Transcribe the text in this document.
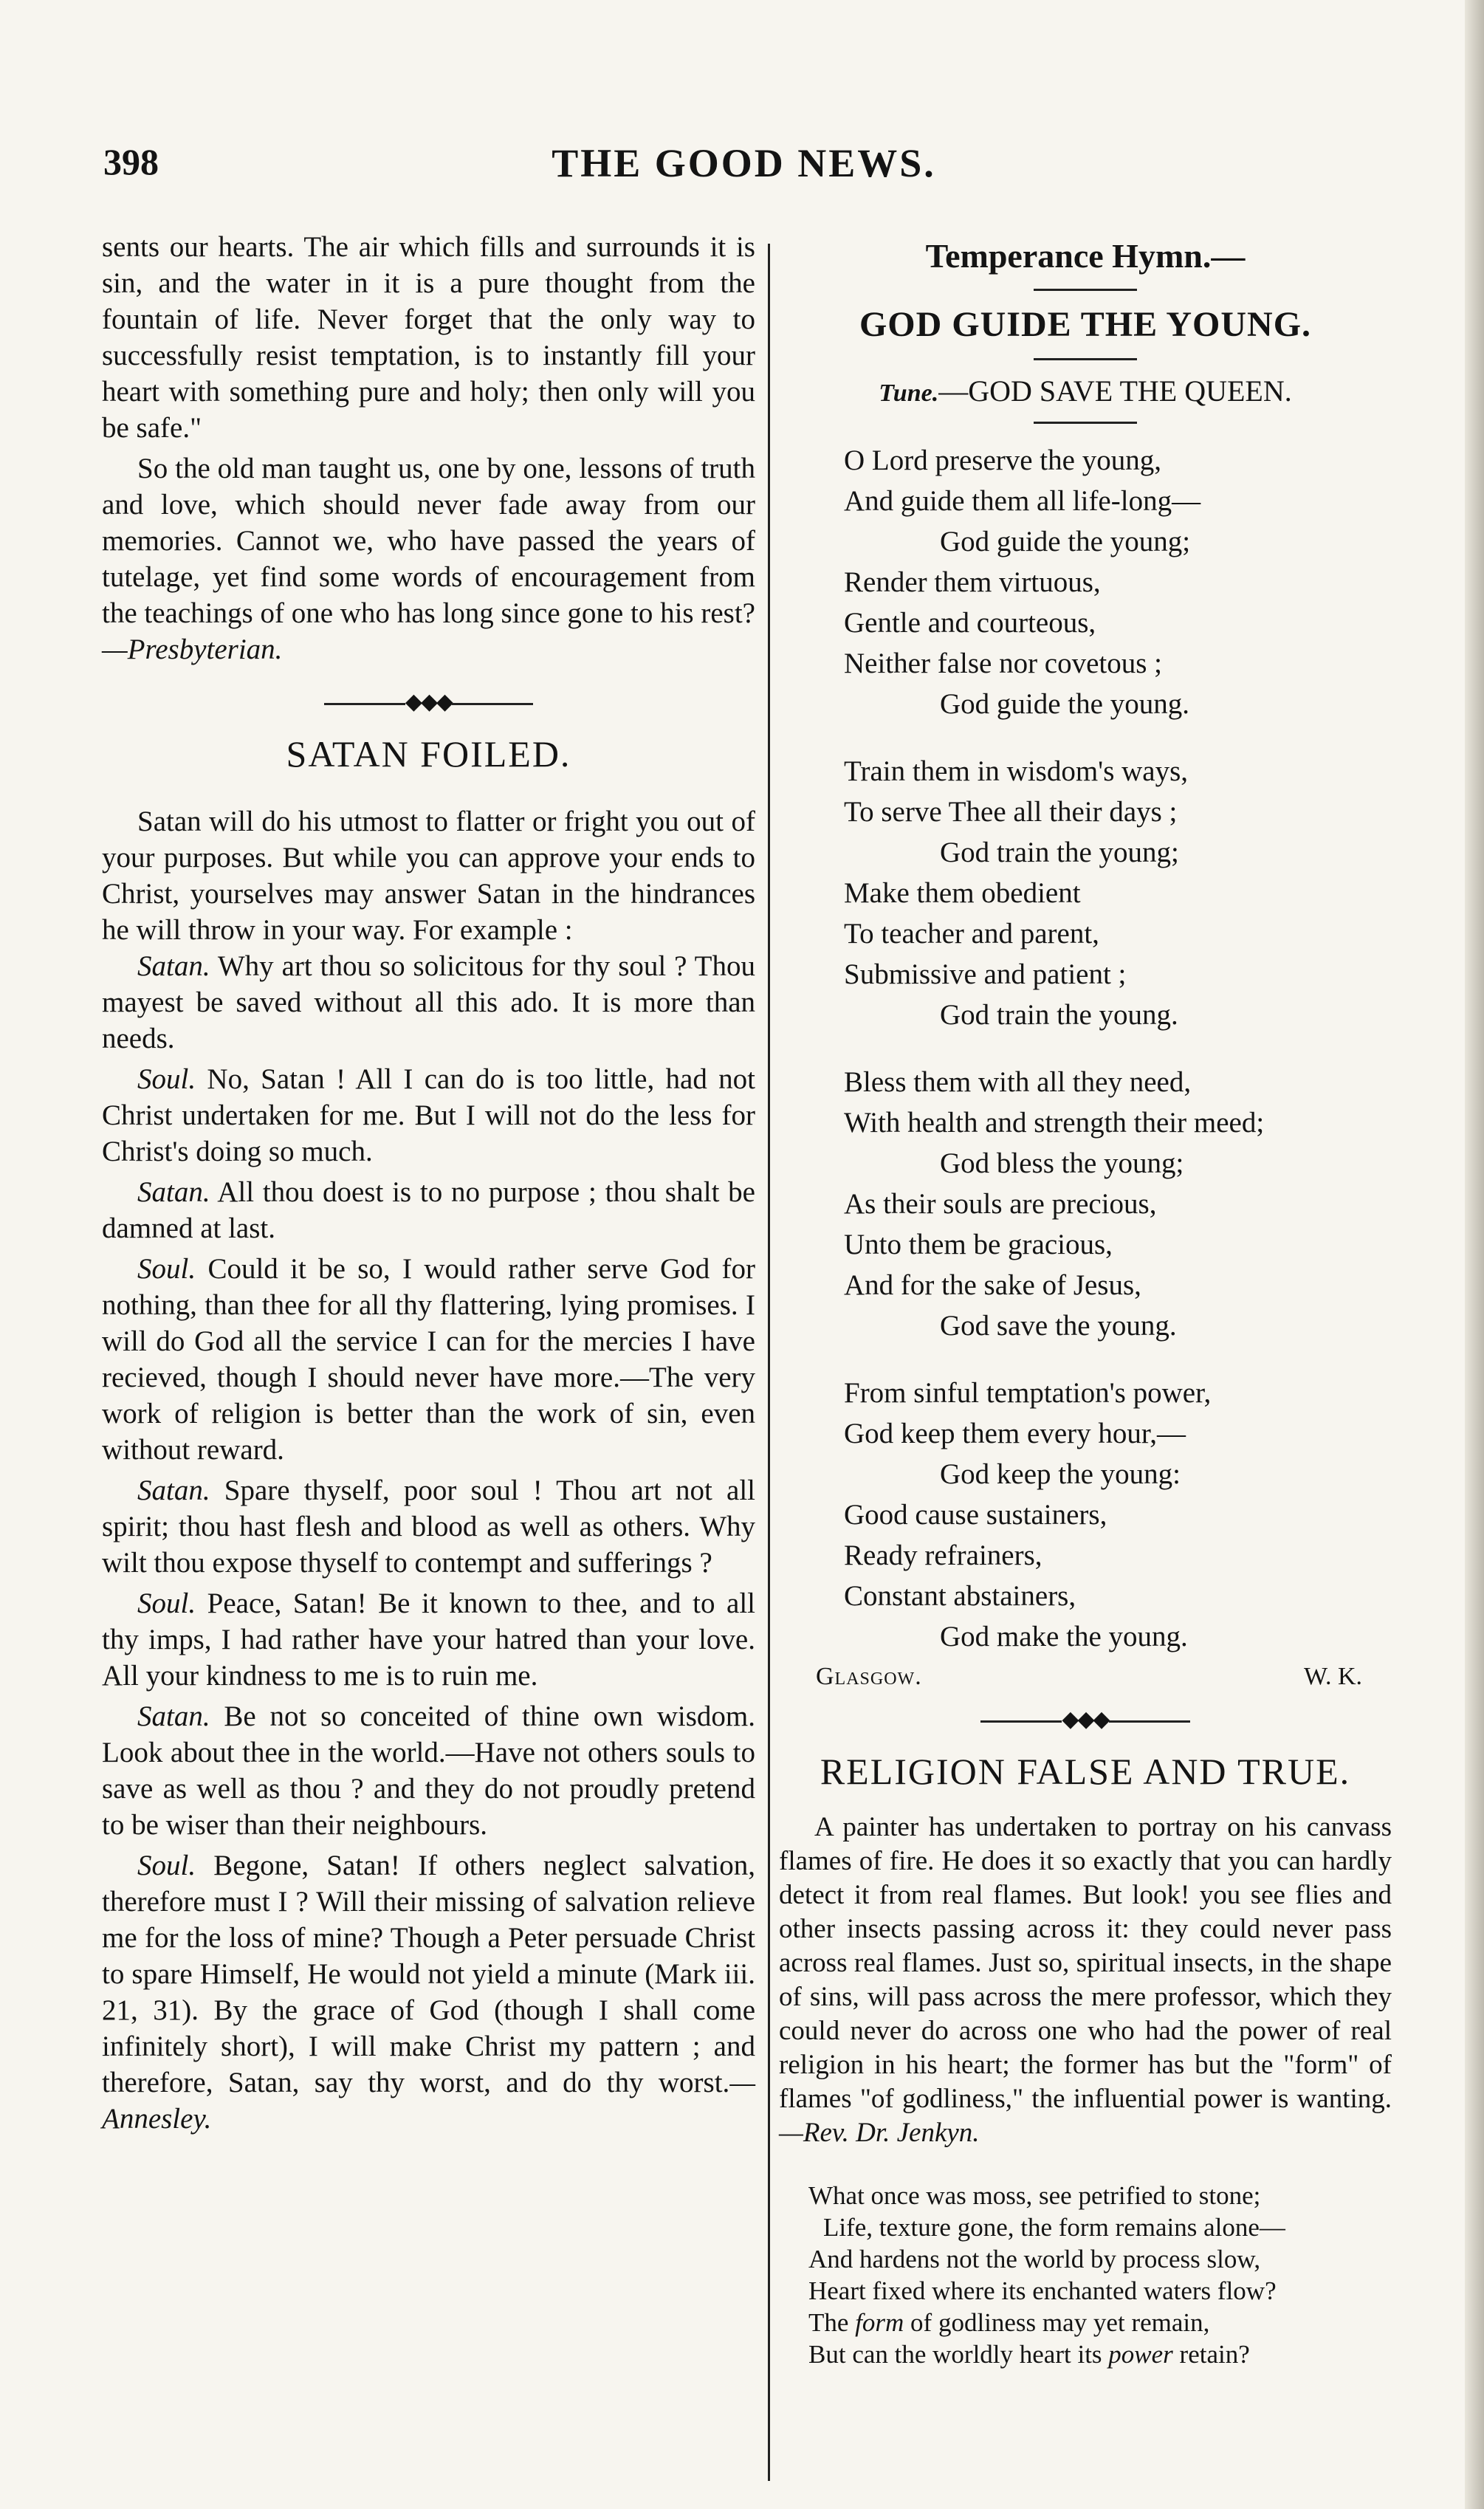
398	THE GOOD NEWS.

sents our hearts. The air which fills and surrounds it is sin, and the water in it is a pure thought from the fountain of life. Never forget that the only way to successfully resist temptation, is to instantly fill your heart with something pure and holy; then only will you be safe."

So the old man taught us, one by one, lessons of truth and love, which should never fade away from our memories. Cannot we, who have passed the years of tutelage, yet find some words of encouragement from the teachings of one who has long since gone to his rest?—Presbyterian.

◆◆◆
SATAN FOILED.

Satan will do his utmost to flatter or fright you out of your purposes. But while you can approve your ends to Christ, yourselves may answer Satan in the hindrances he will throw in your way. For example :

Satan. Why art thou so solicitous for thy soul ? Thou mayest be saved without all this ado. It is more than needs.

Soul. No, Satan ! All I can do is too little, had not Christ undertaken for me. But I will not do the less for Christ's doing so much.

Satan. All thou doest is to no purpose ; thou shalt be damned at last.

Soul. Could it be so, I would rather serve God for nothing, than thee for all thy flattering, lying promises. I will do God all the service I can for the mercies I have recieved, though I should never have more.—The very work of religion is better than the work of sin, even without reward.

Satan. Spare thyself, poor soul ! Thou art not all spirit; thou hast flesh and blood as well as others. Why wilt thou expose thyself to contempt and sufferings ?

Soul. Peace, Satan! Be it known to thee, and to all thy imps, I had rather have your hatred than your love. All your kindness to me is to ruin me.

Satan. Be not so conceited of thine own wisdom. Look about thee in the world.—Have not others souls to save as well as thou ? and they do not proudly pretend to be wiser than their neighbours.

Soul. Begone, Satan! If others neglect salvation, therefore must I ? Will their missing of salvation relieve me for the loss of mine? Though a Peter persuade Christ to spare Himself, He would not yield a minute (Mark iii. 21, 31). By the grace of God (though I shall come infinitely short), I will make Christ my pattern ; and therefore, Satan, say thy worst, and do thy worst.—Annesley.

Temperance Hymn.—
GOD GUIDE THE YOUNG.
Tune.—GOD SAVE THE QUEEN.
O Lord preserve the young,
And guide them all life-long—
God guide the young;
Render them virtuous,
Gentle and courteous,
Neither false nor covetous ;
God guide the young.
Train them in wisdom's ways,
To serve Thee all their days ;
God train the young;
Make them obedient
To teacher and parent,
Submissive and patient ;
God train the young.
Bless them with all they need,
With health and strength their meed;
God bless the young;
As their souls are precious,
Unto them be gracious,
And for the sake of Jesus,
God save the young.
From sinful temptation's power,
God keep them every hour,—
God keep the young:
Good cause sustainers,
Ready refrainers,
Constant abstainers,
God make the young.
Glasgow.	W. K.
◆◆◆
RELIGION FALSE AND TRUE.

A painter has undertaken to portray on his canvass flames of fire. He does it so exactly that you can hardly detect it from real flames. But look! you see flies and other insects passing across it: they could never pass across real flames. Just so, spiritual insects, in the shape of sins, will pass across the mere professor, which they could never do across one who had the power of real religion in his heart; the former has but the "form" of flames "of godliness," the influential power is wanting.—Rev. Dr. Jenkyn.

What once was moss, see petrified to stone;
Life, texture gone, the form remains alone—
And hardens not the world by process slow,
Heart fixed where its enchanted waters flow?
The form of godliness may yet remain,
But can the worldly heart its power retain?
